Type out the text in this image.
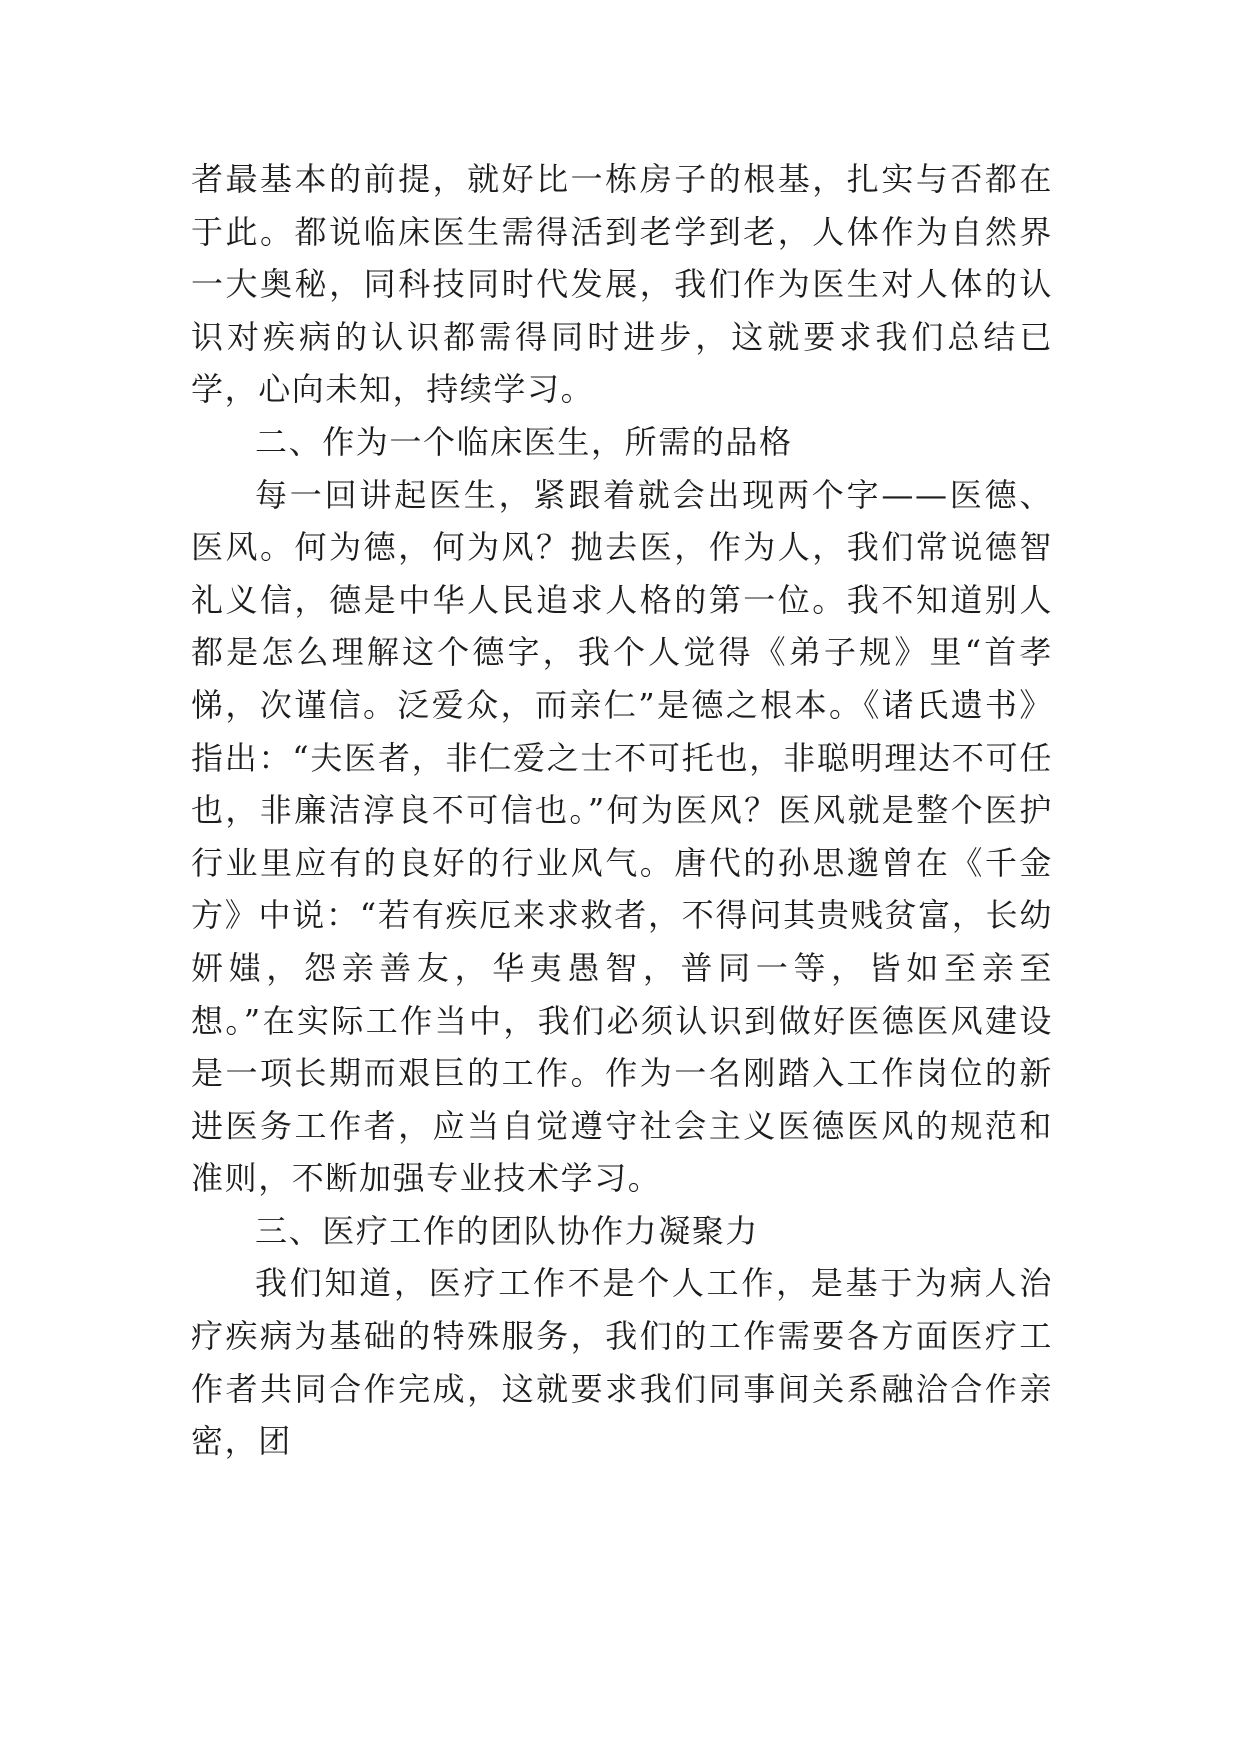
者最基本的前提，就好比一栋房子的根基，扎实与否都在于此。都说临床医生需得活到老学到老，人体作为自然界一大奥秘，同科技同时代发展，我们作为医生对人体的认识对疾病的认识都需得同时进步，这就要求我们总结已学，心向未知，持续学习。

二、作为一个临床医生，所需的品格

每一回讲起医生，紧跟着就会出现两个字——医德、医风。何为德，何为风？抛去医，作为人，我们常说德智礼义信，德是中华人民追求人格的第一位。我不知道别人都是怎么理解这个德字，我个人觉得《弟子规》里“首孝悌，次谨信。泛爱众，而亲仁”是德之根本。《诸氏遗书》指出：“夫医者，非仁爱之士不可托也，非聪明理达不可任也，非廉洁淳良不可信也。”何为医风？医风就是整个医护行业里应有的良好的行业风气。唐代的孙思邈曾在《千金方》中说：“若有疾厄来求救者，不得问其贵贱贫富，长幼妍媸，怨亲善友，华夷愚智，普同一等，皆如至亲至想。”在实际工作当中，我们必须认识到做好医德医风建设是一项长期而艰巨的工作。作为一名刚踏入工作岗位的新进医务工作者，应当自觉遵守社会主义医德医风的规范和准则，不断加强专业技术学习。

三、医疗工作的团队协作力凝聚力

我们知道，医疗工作不是个人工作，是基于为病人治疗疾病为基础的特殊服务，我们的工作需要各方面医疗工作者共同合作完成，这就要求我们同事间关系融洽合作亲密，团
